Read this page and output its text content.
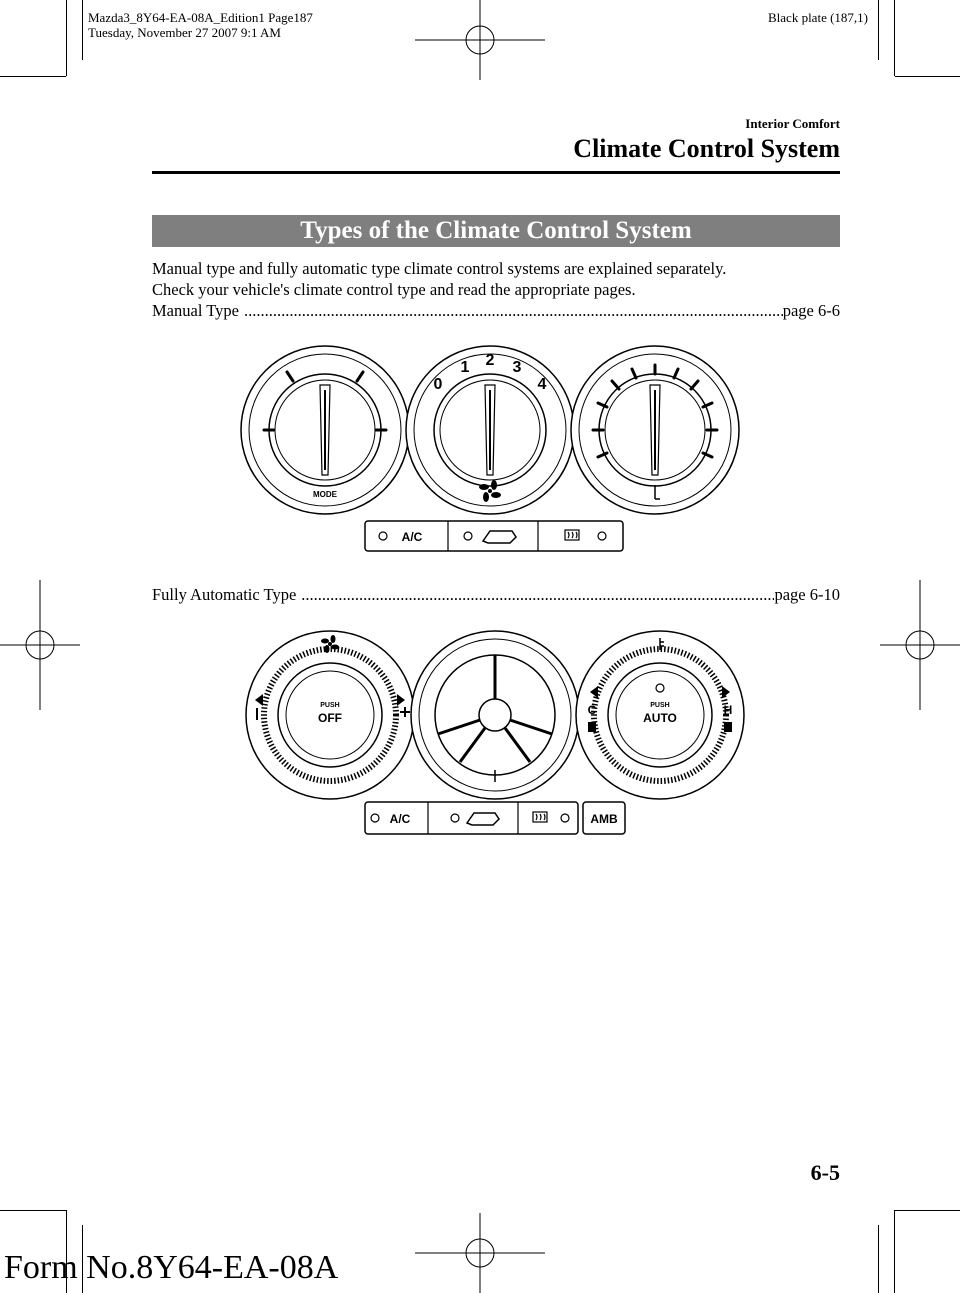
Mazda3_8Y64-EA-08A_Edition1 Page187
Tuesday, November 27 2007 9:1 AM
Black plate (187,1)
Interior Comfort
Climate Control System
Types of the Climate Control System
Manual type and fully automatic type climate control systems are explained separately.
Check your vehicle's climate control type and read the appropriate pages.
Manual Type .....	page 6-6
MODE
0
1 2 3
4
A/C
Fully Automatic Type .....	page 6-10
PUSH
OFF
PUSH
AUTO
C	H
A/C	AMB
6-5
Form No.8Y64-EA-08A
